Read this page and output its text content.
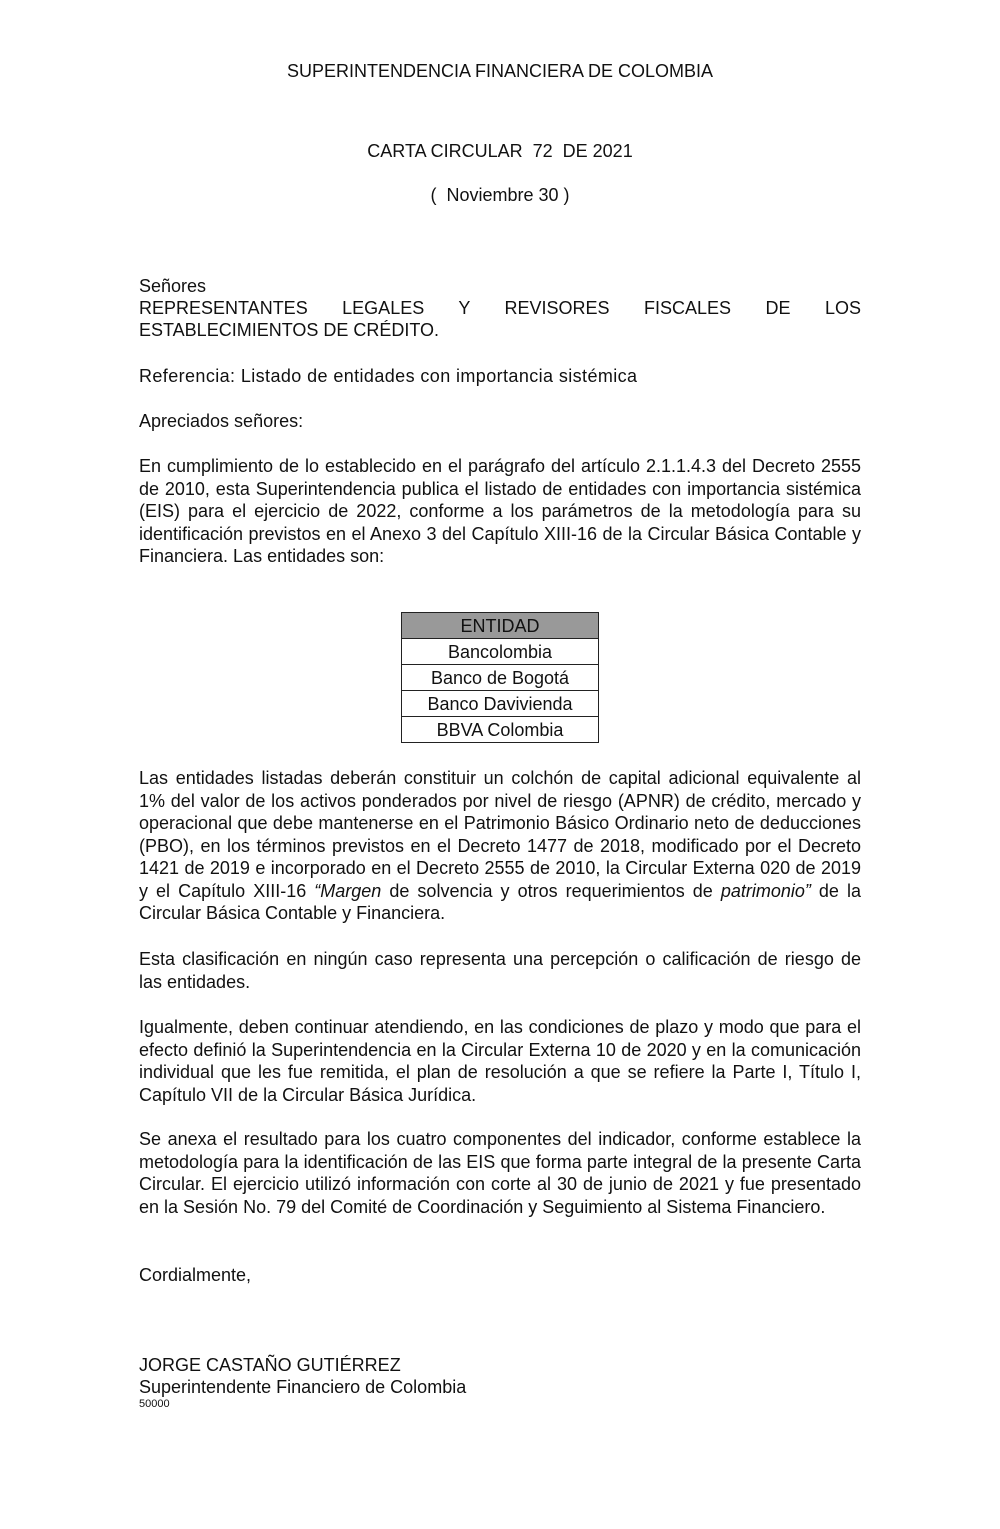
SUPERINTENDENCIA FINANCIERA DE COLOMBIA
CARTA CIRCULAR  72  DE 2021
(  Noviembre 30 )
Señores
REPRESENTANTES LEGALES Y REVISORES FISCALES DE LOS
ESTABLECIMIENTOS DE CRÉDITO.
Referencia: Listado de entidades con importancia sistémica
Apreciados señores:

En cumplimiento de lo establecido en el parágrafo del artículo 2.1.1.4.3 del Decreto 2555 de 2010, esta Superintendencia publica el listado de entidades con importancia sistémica (EIS) para el ejercicio de 2022, conforme a los parámetros de la metodología para su identificación previstos en el Anexo 3 del Capítulo XIII-16 de la Circular Básica Contable y Financiera. Las entidades son:

ENTIDAD
Bancolombia
Banco de Bogotá
Banco Davivienda
BBVA Colombia

Las entidades listadas deberán constituir un colchón de capital adicional equivalente al 1% del valor de los activos ponderados por nivel de riesgo (APNR) de crédito, mercado y operacional que debe mantenerse en el Patrimonio Básico Ordinario neto de deducciones (PBO), en los términos previstos en el Decreto 1477 de 2018, modificado por el Decreto 1421 de 2019 e incorporado en el Decreto 2555 de 2010, la Circular Externa 020 de 2019 y el Capítulo XIII-16 “Margen de solvencia y otros requerimientos de patrimonio” de la Circular Básica Contable y Financiera.

Esta clasificación en ningún caso representa una percepción o calificación de riesgo de las entidades.

Igualmente, deben continuar atendiendo, en las condiciones de plazo y modo que para el efecto definió la Superintendencia en la Circular Externa 10 de 2020 y en la comunicación individual que les fue remitida, el plan de resolución a que se refiere la Parte I, Título I, Capítulo VII de la Circular Básica Jurídica.

Se anexa el resultado para los cuatro componentes del indicador, conforme establece la metodología para la identificación de las EIS que forma parte integral de la presente Carta Circular. El ejercicio utilizó información con corte al 30 de junio de 2021 y fue presentado en la Sesión No. 79 del Comité de Coordinación y Seguimiento al Sistema Financiero.

Cordialmente,
JORGE CASTAÑO GUTIÉRREZ
Superintendente Financiero de Colombia
50000
